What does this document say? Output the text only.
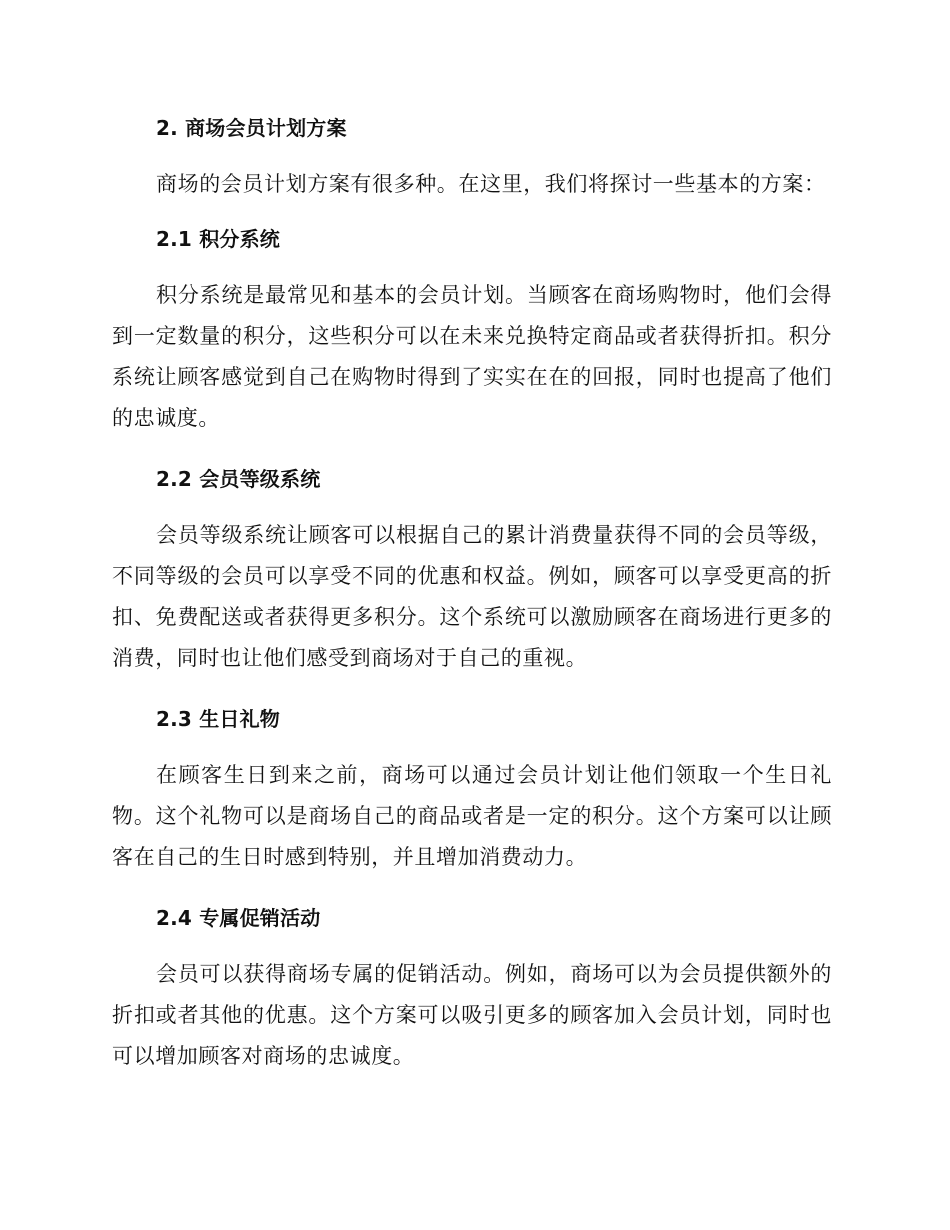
2. 商场会员计划方案

商场的会员计划方案有很多种。在这里，我们将探讨一些基本的方案：

2.1 积分系统

积分系统是最常见和基本的会员计划。当顾客在商场购物时，他们会得到一定数量的积分，这些积分可以在未来兑换特定商品或者获得折扣。积分系统让顾客感觉到自己在购物时得到了实实在在的回报，同时也提高了他们的忠诚度。

2.2 会员等级系统

会员等级系统让顾客可以根据自己的累计消费量获得不同的会员等级，不同等级的会员可以享受不同的优惠和权益。例如，顾客可以享受更高的折扣、免费配送或者获得更多积分。这个系统可以激励顾客在商场进行更多的消费，同时也让他们感受到商场对于自己的重视。

2.3 生日礼物

在顾客生日到来之前，商场可以通过会员计划让他们领取一个生日礼物。这个礼物可以是商场自己的商品或者是一定的积分。这个方案可以让顾客在自己的生日时感到特别，并且增加消费动力。

2.4 专属促销活动

会员可以获得商场专属的促销活动。例如，商场可以为会员提供额外的折扣或者其他的优惠。这个方案可以吸引更多的顾客加入会员计划，同时也可以增加顾客对商场的忠诚度。
